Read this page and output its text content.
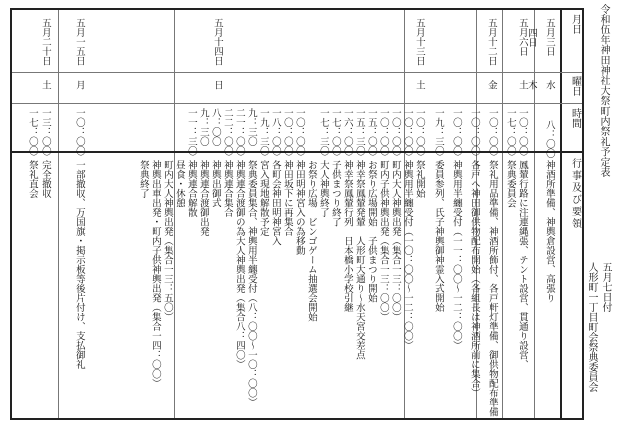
令和伍年神田神社大祭町内祭礼予定表
月日
曜日
時間
行事及び要領
五月三日
水
八：〇〇
神酒所準備、神輿倉設営、高張り
四日
木
五月六日
土
一〇：〇〇
一七：〇〇
鳳輦行路に注連縄張、テント設営、貫通り設営、
祭典委員会
五月十二日
金
一〇：〇〇
一〇：〇〇
一〇：〇〇
一九：三〇
祭礼用品準備、神酒所飾付、各戸軒灯準備、御供物配布準備
各戸へ神田御供物配布開始（各組長は神酒所前に集合）
神輿用半纏受付（一一：〇〇～一二：〇〇）
委員参列、氏子神輿御神霊入式開始
五月十三日
土
一〇：〇〇
一〇：〇〇
一〇：〇〇
一〇：〇〇
一五：〇〇
一五：三〇
一六：〇〇
一七：〇〇
一七：三〇
祭礼開始
神輿用半纏受付（一〇：〇〇～一二：〇〇）
町内大人神輿出発（集合一三：〇〇）
町内子供神輿出発（集合一三：〇〇）
お祭り広場開始　子供まつり開始
神幸祭鳳輦発輦　人形町大通り～水天宮交差点
神幸祭鳳輦行列　日本橋小学校引継
子供まつり終了
大人神輿終了
お祭り広場　ビンゴゲーム抽選会開始
五月十四日
日
一〇：〇〇
一〇：〇〇
一八：〇〇
一九：三〇
九：三〇
二一：〇〇
二二：〇〇
八：〇〇
九：三〇
一一：三〇
神田明神宮入の為移動
神田坂下に再集合
各町会神田明神宮入
宮入現地解散予定
祭典委員集合、神輿用半纏受付（八：〇〇～一〇：〇〇）
神輿連合渡御の為大人神輿出発（集合八：四〇）
神輿連合集合
神輿出御式
神輿連合渡御出発
神輿連合解散
昼食・休憩
町内大人神輿出発（集合一三：五〇）
神輿出車出発・町内子供神輿出発（集合一四：〇〇）
祭典終了
五月一五日
月
一〇：〇〇
一部撤収、万国旗・掲示板等後片付け、支払御礼
五月二十日
土
一三：〇〇
一七：〇〇
完全撤収
祭礼直会
五月七日付
人形町一丁目町会祭典委員会
